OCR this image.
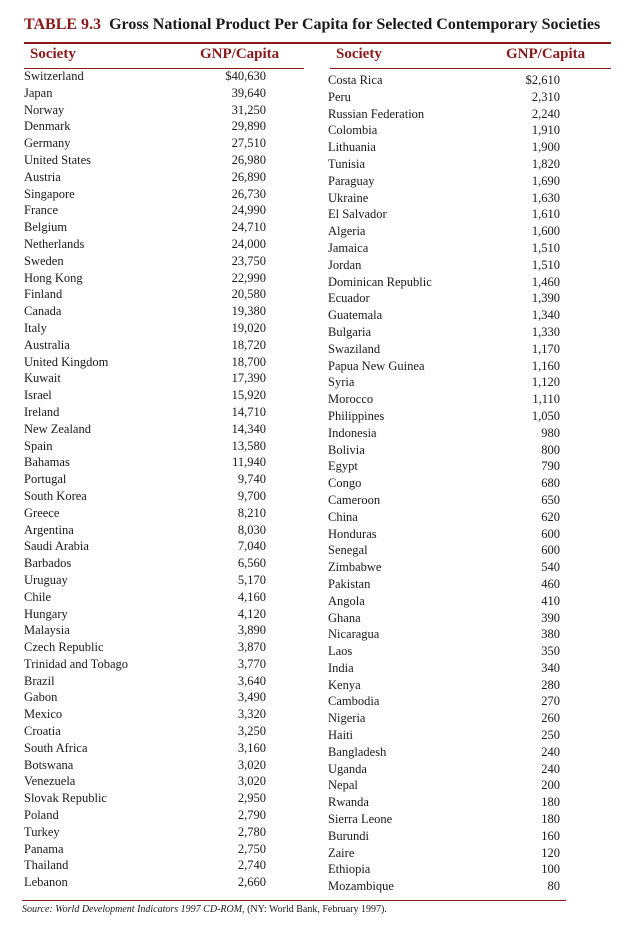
TABLE 9.3 Gross National Product Per Capita for Selected Contemporary Societies
Society	GNP/Capita	Society	GNP/Capita
Switzerland	$40,630
Japan	39,640
Norway	31,250
Denmark	29,890
Germany	27,510
United States	26,980
Austria	26,890
Singapore	26,730
France	24,990
Belgium	24,710
Netherlands	24,000
Sweden	23,750
Hong Kong	22,990
Finland	20,580
Canada	19,380
Italy	19,020
Australia	18,720
United Kingdom	18,700
Kuwait	17,390
Israel	15,920
Ireland	14,710
New Zealand	14,340
Spain	13,580
Bahamas	11,940
Portugal	9,740
South Korea	9,700
Greece	8,210
Argentina	8,030
Saudi Arabia	7,040
Barbados	6,560
Uruguay	5,170
Chile	4,160
Hungary	4,120
Malaysia	3,890
Czech Republic	3,870
Trinidad and Tobago	3,770
Brazil	3,640
Gabon	3,490
Mexico	3,320
Croatia	3,250
South Africa	3,160
Botswana	3,020
Venezuela	3,020
Slovak Republic	2,950
Poland	2,790
Turkey	2,780
Panama	2,750
Thailand	2,740
Lebanon	2,660
Costa Rica	$2,610
Peru	2,310
Russian Federation	2,240
Colombia	1,910
Lithuania	1,900
Tunisia	1,820
Paraguay	1,690
Ukraine	1,630
El Salvador	1,610
Algeria	1,600
Jamaica	1,510
Jordan	1,510
Dominican Republic	1,460
Ecuador	1,390
Guatemala	1,340
Bulgaria	1,330
Swaziland	1,170
Papua New Guinea	1,160
Syria	1,120
Morocco	1,110
Philippines	1,050
Indonesia	980
Bolivia	800
Egypt	790
Congo	680
Cameroon	650
China	620
Honduras	600
Senegal	600
Zimbabwe	540
Pakistan	460
Angola	410
Ghana	390
Nicaragua	380
Laos	350
India	340
Kenya	280
Cambodia	270
Nigeria	260
Haiti	250
Bangladesh	240
Uganda	240
Nepal	200
Rwanda	180
Sierra Leone	180
Burundi	160
Zaire	120
Ethiopia	100
Mozambique	80
Source: World Development Indicators 1997 CD-ROM, (NY: World Bank, February 1997).
